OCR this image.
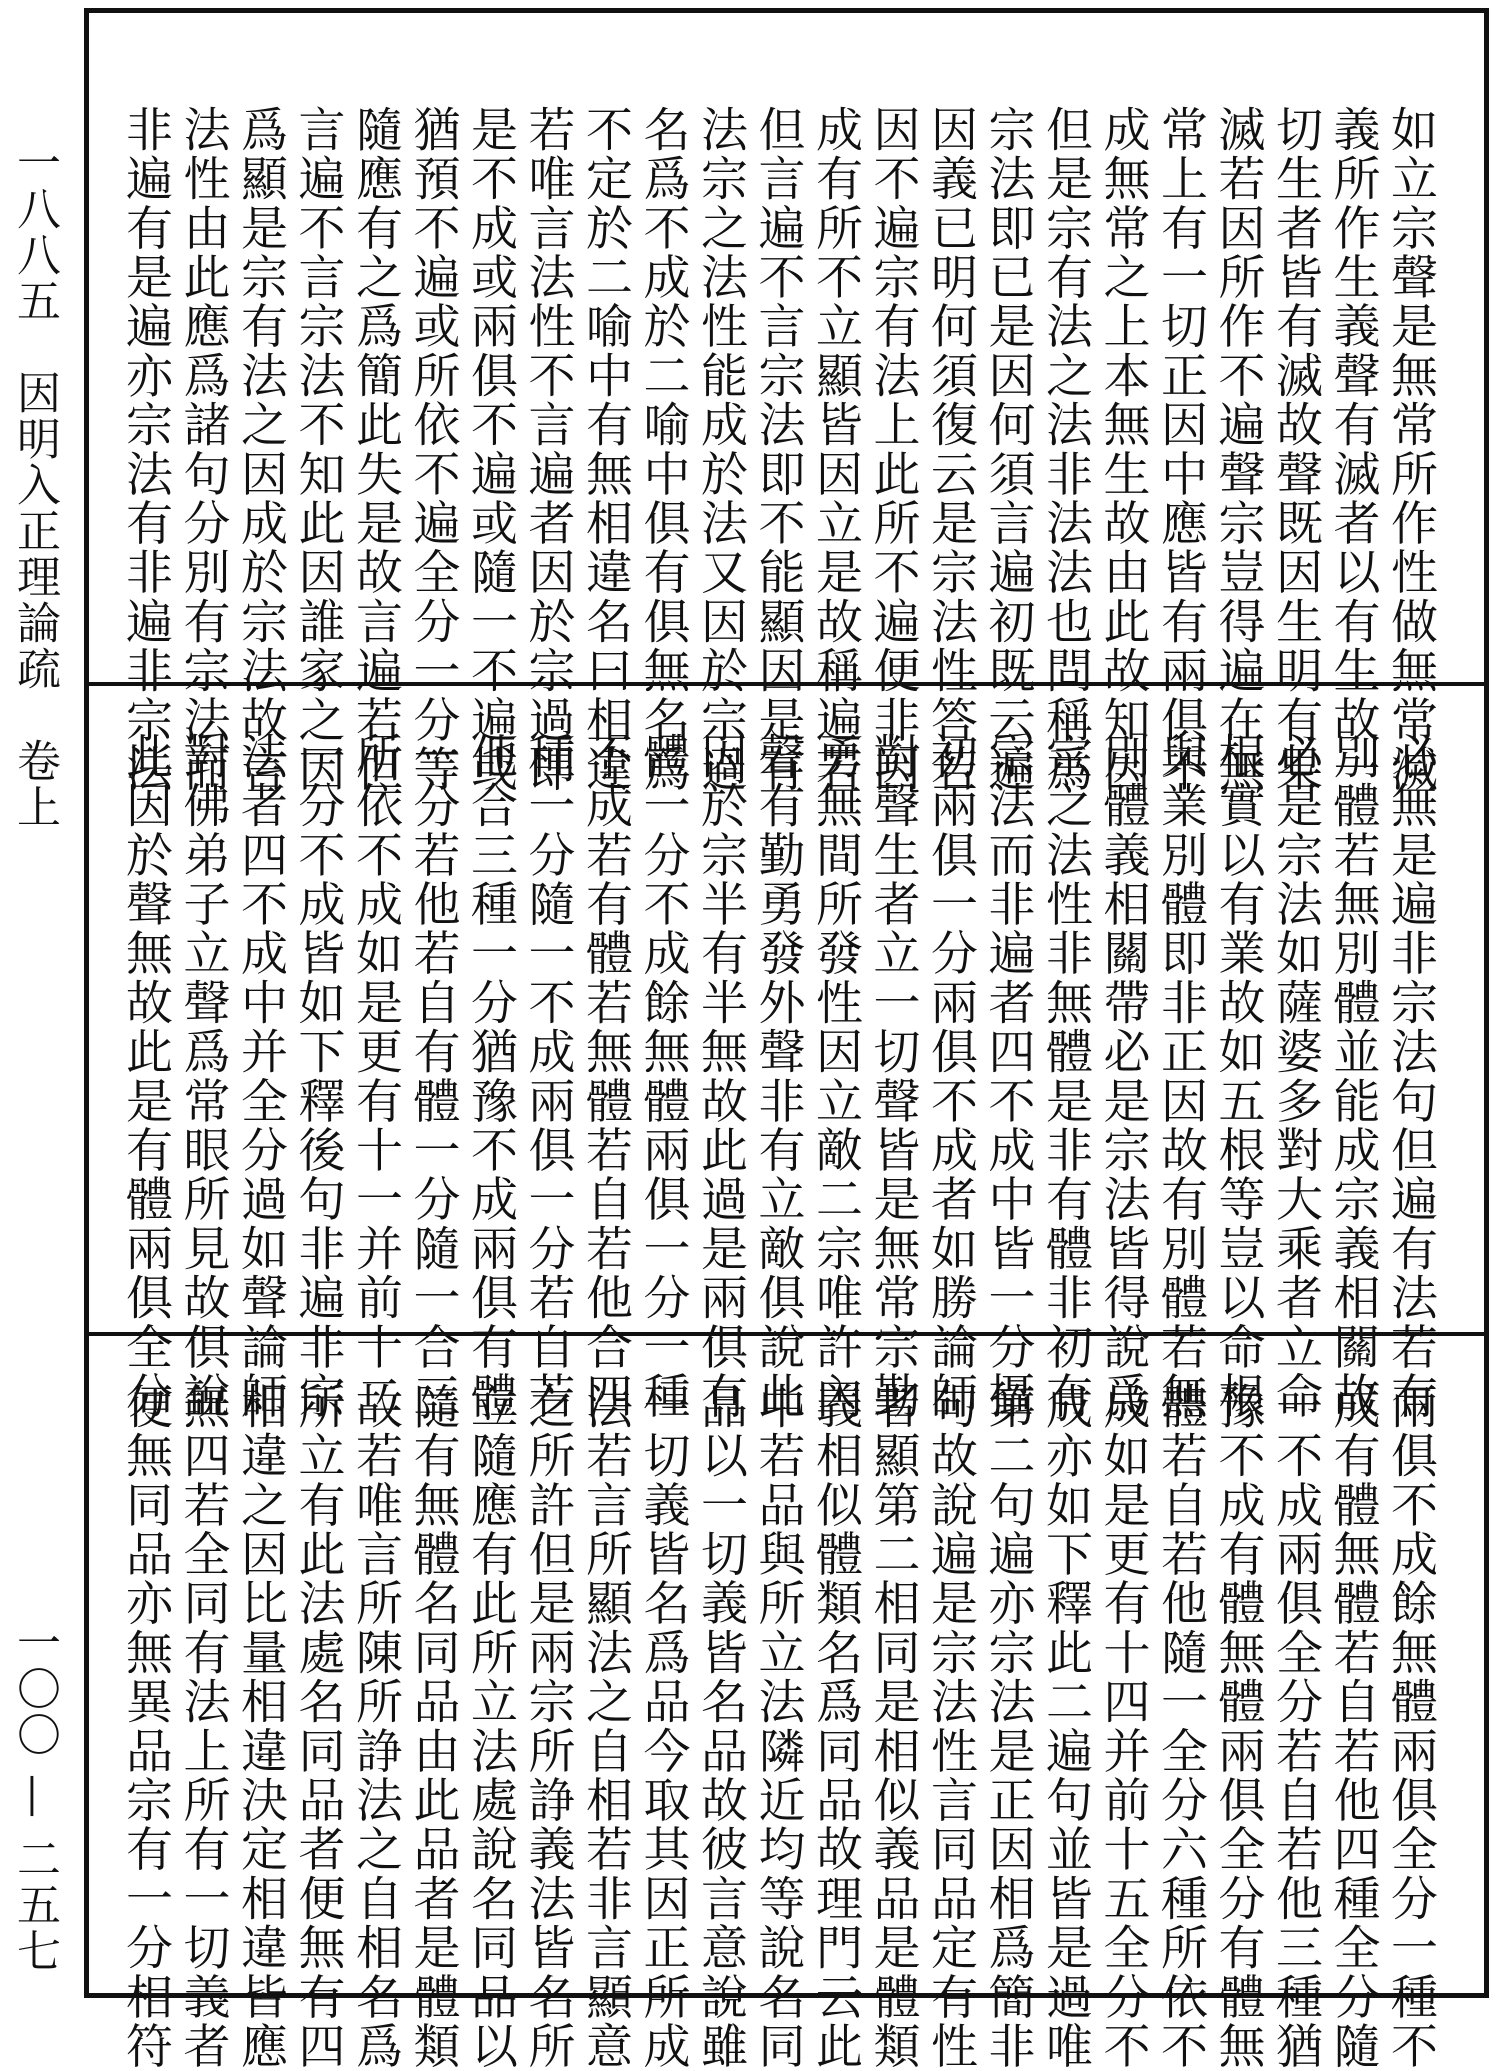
一八八五　因明入正理論疏　卷上
一〇〇 — 二五七
如立宗聲是無常所作性做無常滅
義所作生義聲有滅者以有生故一
切生者皆有滅故聲既因生明有果
滅若因所作不遍聲宗豈得遍在無
常上有一切正因中應皆有兩俱不
成無常之上本無生故由此故知因
但是宗有法之法非法法也問稱爲
宗法即已是因何須言遍初既云遍
因義已明何須復云是宗法性答若
因不遍宗有法上此所不遍便非因
成有所不立顯皆因立是故稱遍若
但言遍不言宗法即不能顯因是有
法宗之法性能成於法又因於宗過
名爲不成於二喻中俱有俱無名爲
不定於二喻中有無相違名曰相違
若唯言法性不言遍者因於宗過即
是不成或兩俱不遍或隨一不遍或
猶預不遍或所依不遍全分一分等
隨應有之爲簡此失是故言遍若但
言遍不言宗法不知此因誰家之因
爲顯是宗有法之因成於宗法故言
法性由此應爲諸句分別有宗法而
非遍有是遍亦宗法有非遍非宗法
必無是遍非宗法句但遍有法若有
別體若無別體並能成宗義相關故
必是宗法如薩婆多對大乘者立命
根實以有業故如五根等豈以命根
與業別體即非正因故有別體若無
別體義相關帶必是宗法皆得說爲
宗之法性非無體是非有體非初有
宗法而非遍者四不成中皆一分攝
初兩俱一分兩俱不成者如勝論師
對聲生者立一切聲皆是無常宗勤
勇無間所發性因立敵二宗唯許內
聲有勤勇發外聲非有立敵俱說此
因於宗半有半無故此過是兩俱有
體一分不成餘無體兩俱一分一種
不成若有體若無體若自若他合四
種一分隨一不成兩俱一分若自若
他合三種一分猶豫不成兩俱有體
一分若他若自有體一分隨一合三
所依不成如是更有十一并前十二
一分不成皆如下釋後句非遍非宗
法者四不成中并全分過如聲論師
對佛弟子立聲爲常眼所見故俱說
此因於聲無故此是有體兩俱全分
兩俱不成餘無體兩俱全分一種不
成有體無體若自若他四種全分隨
一不成兩俱全分若自若他三種猶
豫不成有體無體兩俱全分有體無
體若自若他隨一全分六種所依不
成如是更有十四并前十五全分不
成亦如下釋此二遍句並皆是過唯
第二句遍亦宗法是正因相爲簡非
句故說遍是宗法性言同品定有性
者顯第二相同是相似義品是體類
義相似體類名爲同品故理門云此
中若品與所立法隣近均等說名同
品以一切義皆名品故彼言意說雖
一切義皆名爲品今取其因正所成
法若言所顯法之自相若非言顯意
之所許但是兩宗所諍義法皆名所
立隨應有此所立法處說名同品以
隨有無體名同品由此品者是體類
故若唯言所陳所諍法之自相名爲
所立有此法處名同品者便無有四
相違之因比量相違決定相違皆應
無四若全同有法上所有一切義者
便無同品亦無異品宗有一分相符
